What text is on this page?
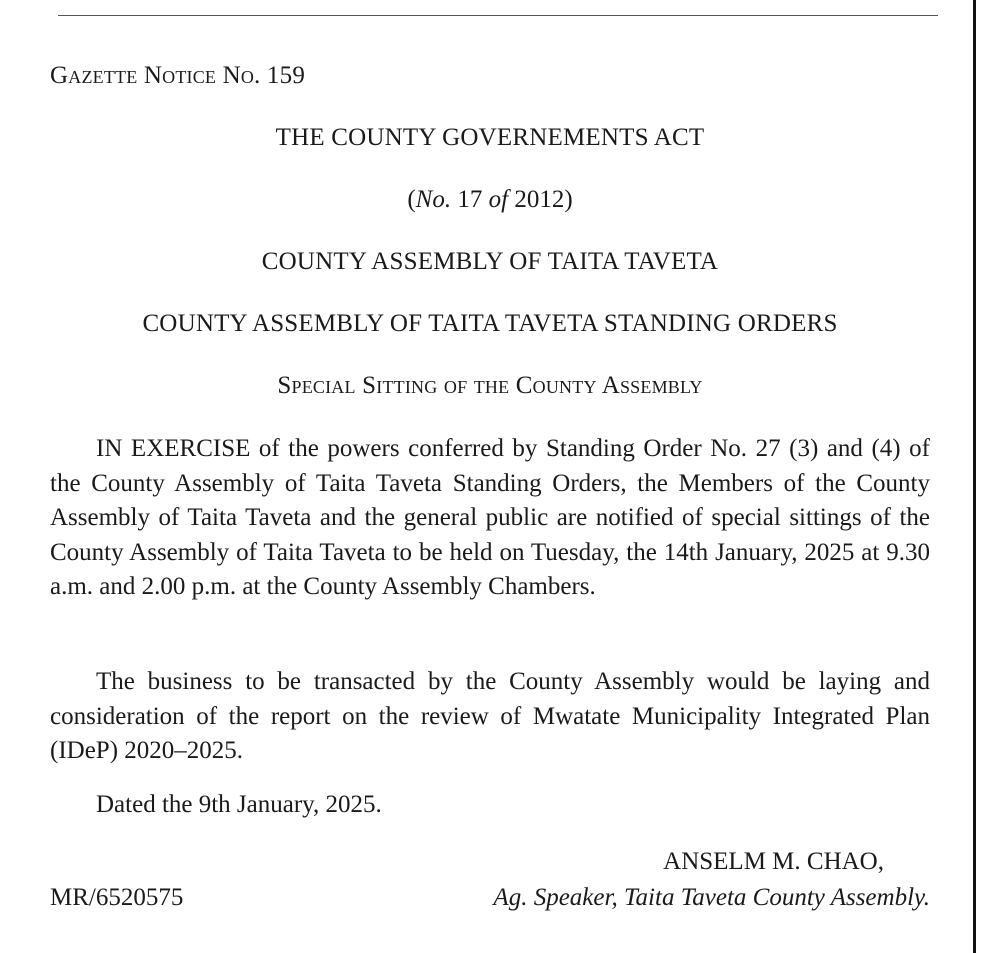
Gazette Notice No. 159
THE COUNTY GOVERNEMENTS ACT
(No. 17 of 2012)
COUNTY ASSEMBLY OF TAITA TAVETA
COUNTY ASSEMBLY OF TAITA TAVETA STANDING ORDERS
Special Sitting of the County Assembly

IN EXERCISE of the powers conferred by Standing Order No. 27 (3) and (4) of the County Assembly of Taita Taveta Standing Orders, the Members of the County Assembly of Taita Taveta and the general public are notified of special sittings of the County Assembly of Taita Taveta to be held on Tuesday, the 14th January, 2025 at 9.30 a.m. and 2.00 p.m. at the County Assembly Chambers.

The business to be transacted by the County Assembly would be laying and consideration of the report on the review of Mwatate Municipality Integrated Plan (IDeP) 2020–2025.

Dated the 9th January, 2025.
ANSELM M. CHAO,
MR/6520575	Ag. Speaker, Taita Taveta County Assembly.
